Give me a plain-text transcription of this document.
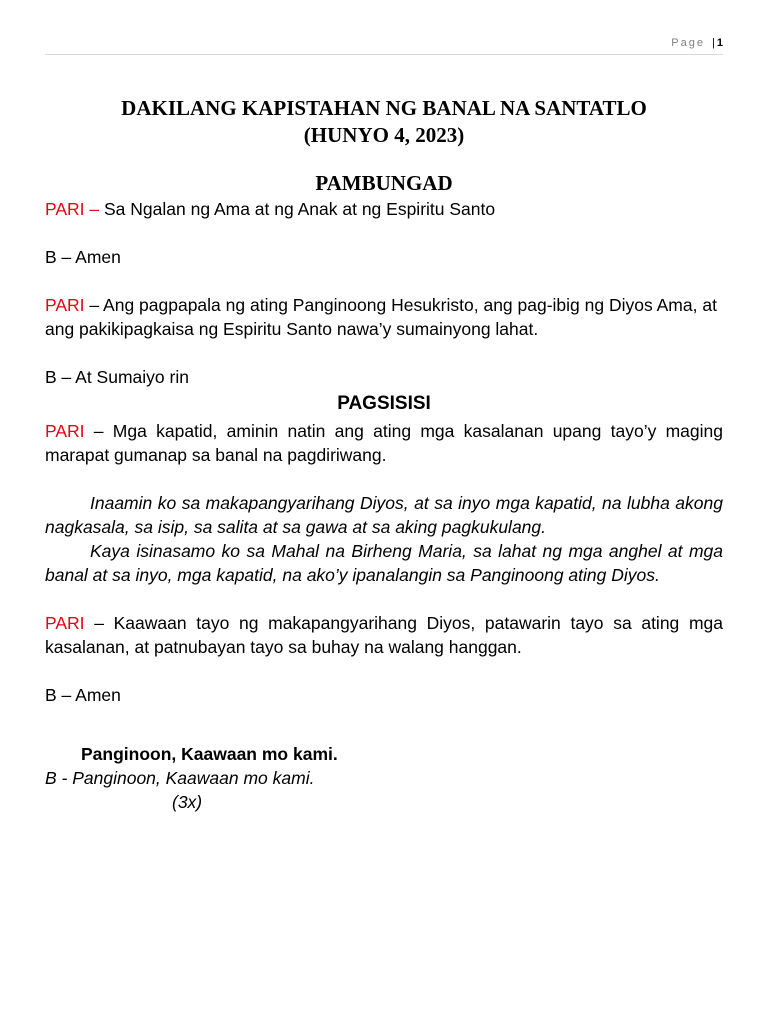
Page | 1

DAKILANG KAPISTAHAN NG BANAL NA SANTATLO

(HUNYO 4, 2023)

PAMBUNGAD

PARI – Sa Ngalan ng Ama at ng Anak at ng Espiritu Santo

B – Amen

PARI – Ang pagpapala ng ating Panginoong Hesukristo, ang pag-ibig ng Diyos Ama, at ang pakikipagkaisa ng Espiritu Santo nawa’y sumainyong lahat.

B – At Sumaiyo rin

PAGSISISI

PARI – Mga kapatid, aminin natin ang ating mga kasalanan upang tayo’y maging marapat gumanap sa banal na pagdiriwang.

Inaamin ko sa makapangyarihang Diyos, at sa inyo mga kapatid, na lubha akong nagkasala, sa isip, sa salita at sa gawa at sa aking pagkukulang.

Kaya isinasamo ko sa Mahal na Birheng Maria, sa lahat ng mga anghel at mga banal at sa inyo, mga kapatid, na ako’y ipanalangin sa Panginoong ating Diyos.

PARI – Kaawaan tayo ng makapangyarihang Diyos, patawarin tayo sa ating mga kasalanan, at patnubayan tayo sa buhay na walang hanggan.

B – Amen

Panginoon, Kaawaan mo kami.

B - Panginoon, Kaawaan mo kami.

(3x)
